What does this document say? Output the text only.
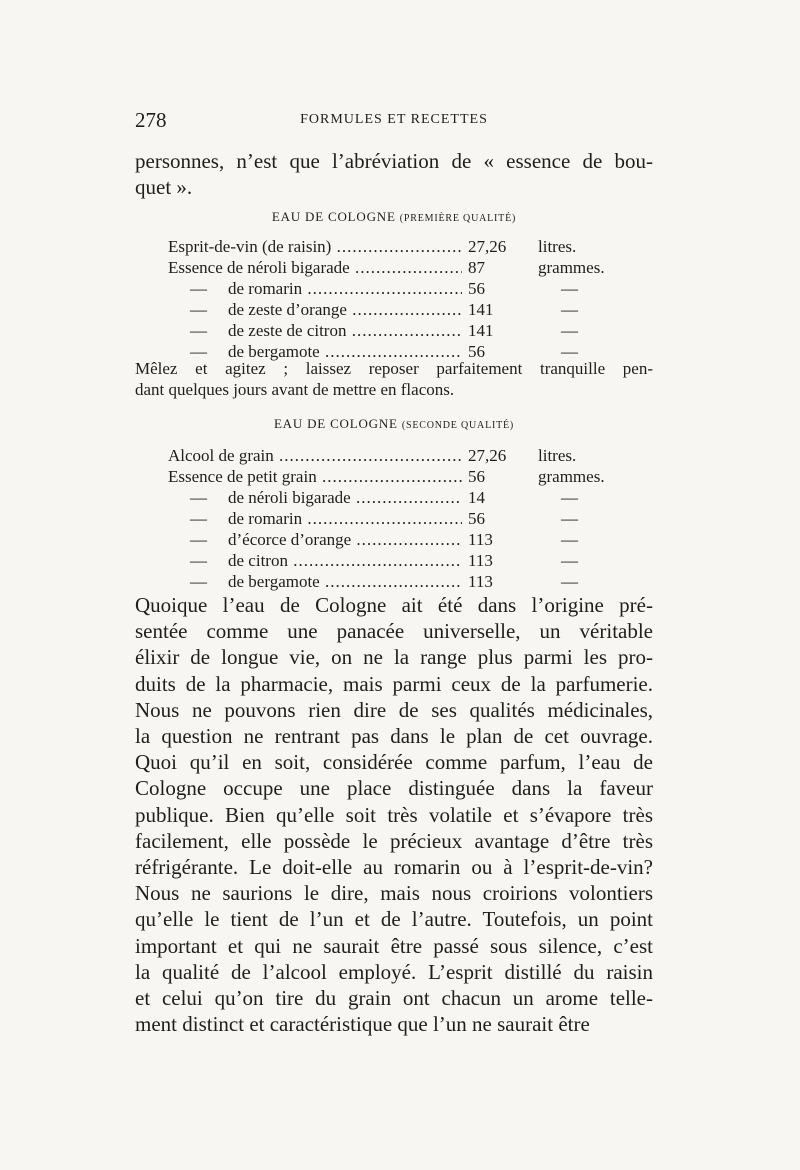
278	FORMULES ET RECETTES

personnes, n’est que l’abréviation de « essence de bou-
quet ».

EAU DE COLOGNE (PREMIÈRE QUALITÉ)
Esprit-de-vin (de raisin) .....	27,26 litres.
Essence de néroli bigarade .....	87	grammes.
— de romarin .....	56	—
— de zeste d’orange .....	141	—
— de zeste de citron .....	141	—
— de bergamote .....	56	—

Mêlez et agitez ; laissez reposer parfaitement tranquille pen-
dant quelques jours avant de mettre en flacons.

EAU DE COLOGNE (SECONDE QUALITÉ)
Alcool de grain .....	27,26 litres.
Essence de petit grain .....	56	grammes.
— de néroli bigarade .....	14	—
— de romarin .....	56	—
— d’écorce d’orange .....	113	—
— de citron .....	113	—
— de bergamote .....	113	—

Quoique l’eau de Cologne ait été dans l’origine pré-
sentée comme une panacée universelle, un véritable
élixir de longue vie, on ne la range plus parmi les pro-
duits de la pharmacie, mais parmi ceux de la parfumerie.
Nous ne pouvons rien dire de ses qualités médicinales,
la question ne rentrant pas dans le plan de cet ouvrage.
Quoi qu’il en soit, considérée comme parfum, l’eau de
Cologne occupe une place distinguée dans la faveur
publique. Bien qu’elle soit très volatile et s’évapore très
facilement, elle possède le précieux avantage d’être très
réfrigérante. Le doit-elle au romarin ou à l’esprit-de-vin?
Nous ne saurions le dire, mais nous croirions volontiers
qu’elle le tient de l’un et de l’autre. Toutefois, un point
important et qui ne saurait être passé sous silence, c’est
la qualité de l’alcool employé. L’esprit distillé du raisin
et celui qu’on tire du grain ont chacun un arome telle-
ment distinct et caractéristique que l’un ne saurait être
